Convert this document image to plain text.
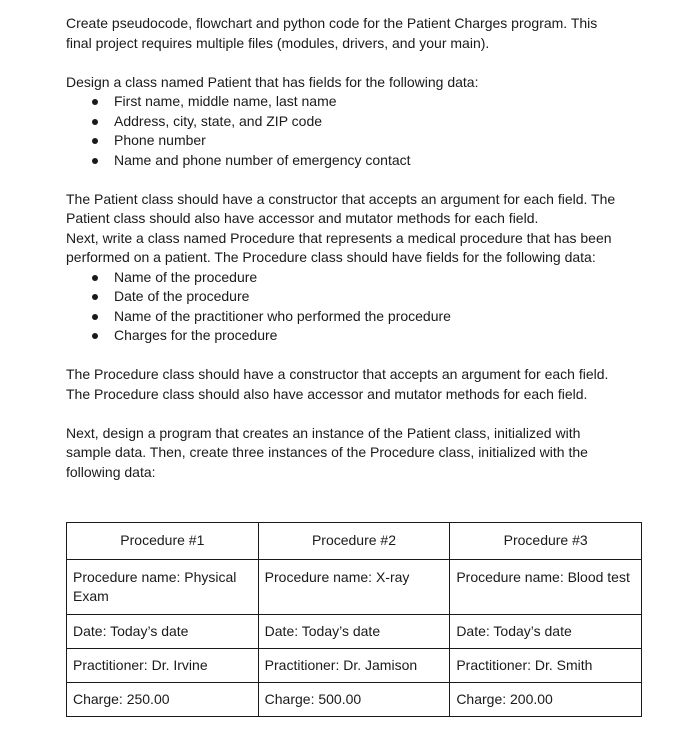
Create pseudocode, flowchart and python code for the Patient Charges program. This

final project requires multiple files (modules, drivers, and your main).

Design a class named Patient that has fields for the following data:

First name, middle name, last name
Address, city, state, and ZIP code
Phone number
Name and phone number of emergency contact

The Patient class should have a constructor that accepts an argument for each field. The

Patient class should also have accessor and mutator methods for each field.

Next, write a class named Procedure that represents a medical procedure that has been

performed on a patient. The Procedure class should have fields for the following data:

Name of the procedure
Date of the procedure
Name of the practitioner who performed the procedure
Charges for the procedure

The Procedure class should have a constructor that accepts an argument for each field.

The Procedure class should also have accessor and mutator methods for each field.

Next, design a program that creates an instance of the Patient class, initialized with

sample data. Then, create three instances of the Procedure class, initialized with the

following data:

Procedure #1	Procedure #2	Procedure #3
Procedure name: Physical Exam	Procedure name: X-ray	Procedure name: Blood test
Date: Today’s date	Date: Today’s date	Date: Today’s date
Practitioner: Dr. Irvine	Practitioner: Dr. Jamison	Practitioner: Dr. Smith
Charge: 250.00	Charge: 500.00	Charge: 200.00
